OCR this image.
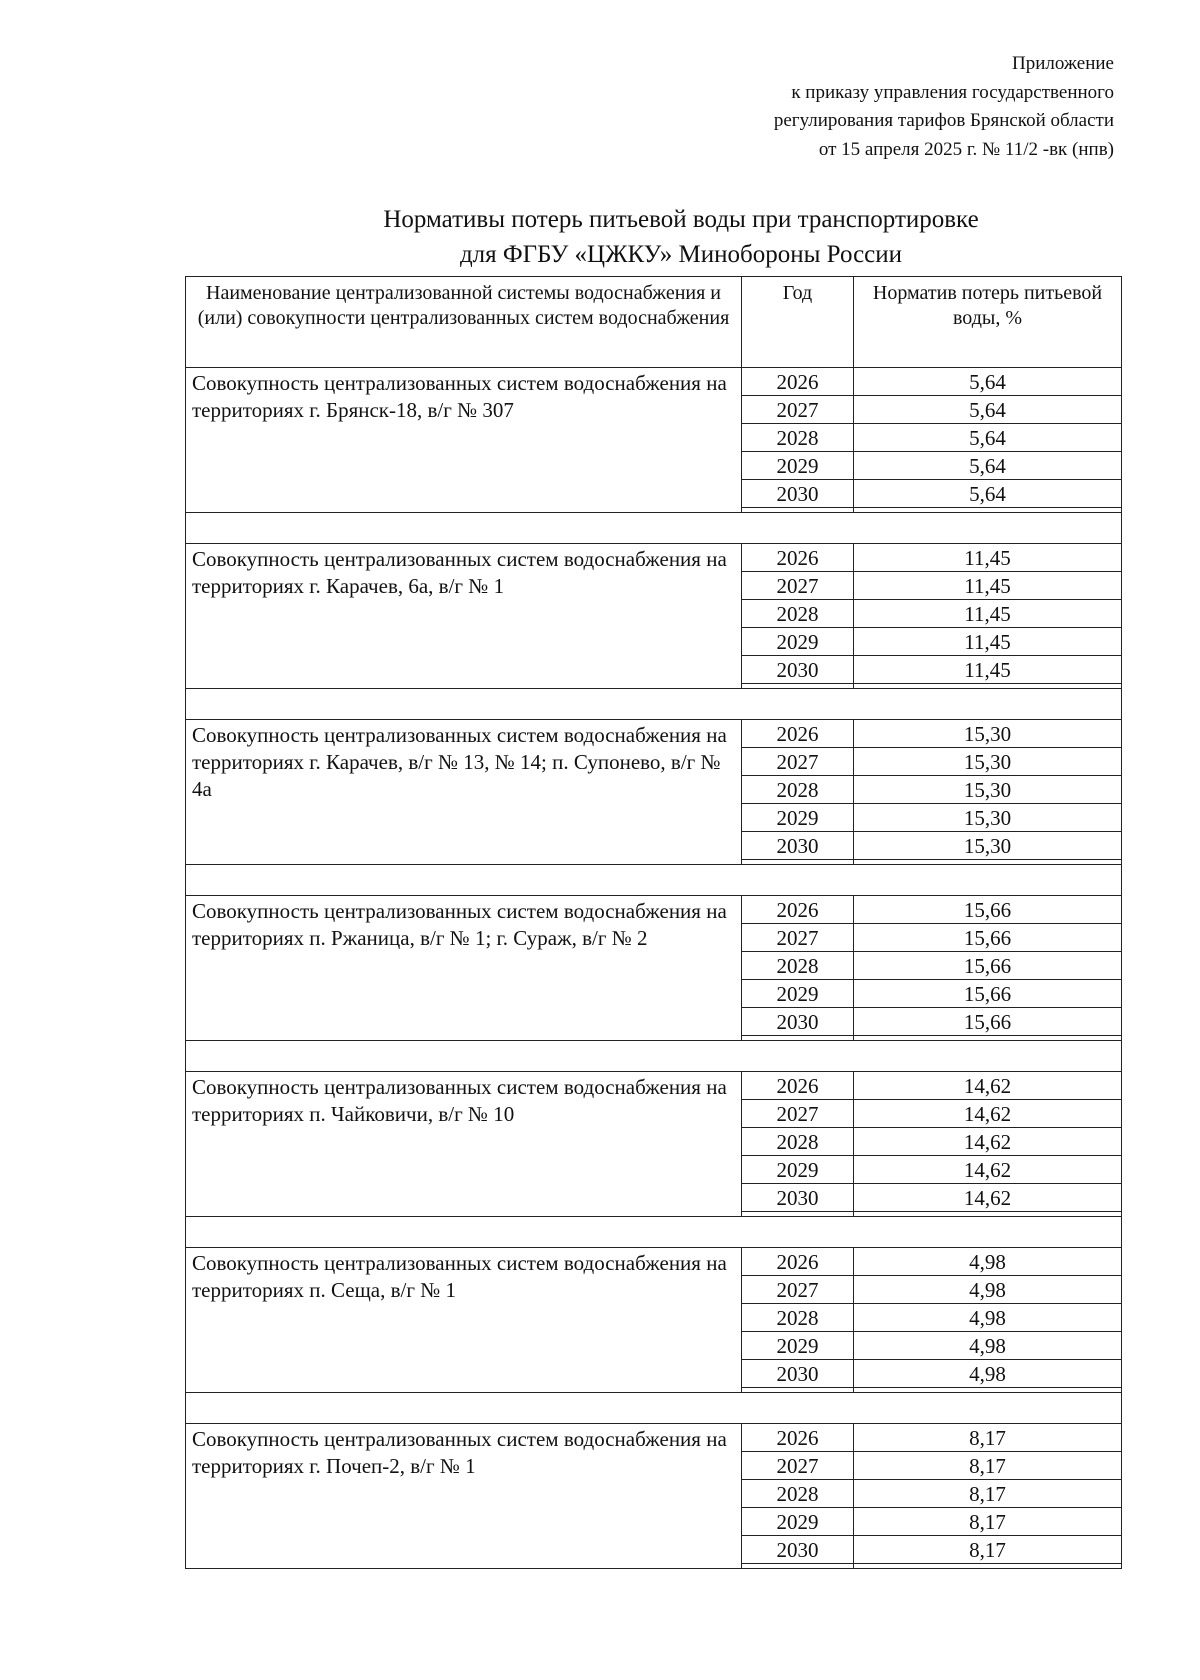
Приложение
к приказу управления государственного
регулирования тарифов Брянской области
от 15 апреля 2025 г. № 11/2 -вк (нпв)
Нормативы потерь питьевой воды при транспортировке
для ФГБУ «ЦЖКУ» Минобороны России
Наименование централизованной системы водоснабжения и (или) совокупности централизованных систем водоснабжения	Год	Норматив потерь питьевой воды, %
Совокупность централизованных систем водоснабжения на территориях г. Брянск-18, в/г № 307	2026	5,64
	2027	5,64
	2028	5,64
	2029	5,64
	2030	5,64

Совокупность централизованных систем водоснабжения на территориях г. Карачев, 6а, в/г № 1	2026	11,45
	2027	11,45
	2028	11,45
	2029	11,45
	2030	11,45

Совокупность централизованных систем водоснабжения на территориях г. Карачев, в/г № 13, № 14; п. Супонево, в/г № 4а	2026	15,30
	2027	15,30
	2028	15,30
	2029	15,30
	2030	15,30

Совокупность централизованных систем водоснабжения на территориях п. Ржаница, в/г № 1; г. Сураж, в/г № 2	2026	15,66
	2027	15,66
	2028	15,66
	2029	15,66
	2030	15,66

Совокупность централизованных систем водоснабжения на территориях п. Чайковичи, в/г № 10	2026	14,62
	2027	14,62
	2028	14,62
	2029	14,62
	2030	14,62

Совокупность централизованных систем водоснабжения на территориях п. Сеща, в/г № 1	2026	4,98
	2027	4,98
	2028	4,98
	2029	4,98
	2030	4,98

Совокупность централизованных систем водоснабжения на территориях г. Почеп-2, в/г № 1	2026	8,17
	2027	8,17
	2028	8,17
	2029	8,17
	2030	8,17
